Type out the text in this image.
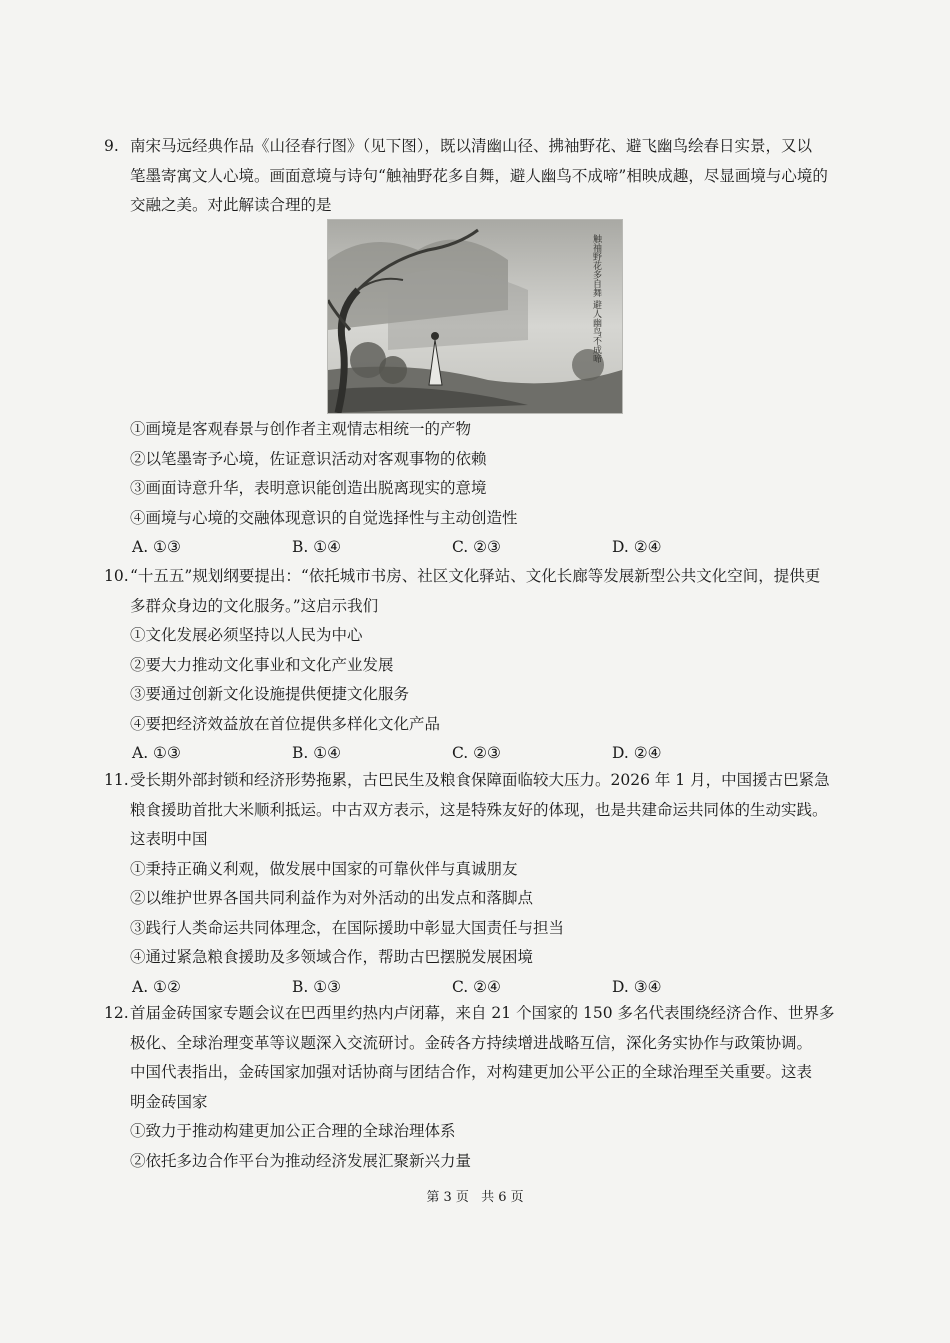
9. 南宋马远经典作品《山径春行图》（见下图），既以清幽山径、拂袖野花、避飞幽鸟绘春日实景，又以

笔墨寄寓文人心境。画面意境与诗句“触袖野花多自舞，避人幽鸟不成啼”相映成趣，尽显画境与心境的

交融之美。对此解读合理的是

触袖野花多自舞 避人幽鸟不成啼

①画境是客观春景与创作者主观情志相统一的产物

②以笔墨寄予心境，佐证意识活动对客观事物的依赖

③画面诗意升华，表明意识能创造出脱离现实的意境

④画境与心境的交融体现意识的自觉选择性与主动创造性

A. ①③	B. ①④	C. ②③	D. ②④

10.“十五五”规划纲要提出：“依托城市书房、社区文化驿站、文化长廊等发展新型公共文化空间，提供更

多群众身边的文化服务。”这启示我们

①文化发展必须坚持以人民为中心

②要大力推动文化事业和文化产业发展

③要通过创新文化设施提供便捷文化服务

④要把经济效益放在首位提供多样化文化产品

A. ①③	B. ①④	C. ②③	D. ②④

11.受长期外部封锁和经济形势拖累，古巴民生及粮食保障面临较大压力。2026 年 1 月，中国援古巴紧急

粮食援助首批大米顺利抵运。中古双方表示，这是特殊友好的体现，也是共建命运共同体的生动实践。

这表明中国

①秉持正确义利观，做发展中国家的可靠伙伴与真诚朋友

②以维护世界各国共同利益作为对外活动的出发点和落脚点

③践行人类命运共同体理念，在国际援助中彰显大国责任与担当

④通过紧急粮食援助及多领域合作，帮助古巴摆脱发展困境

A. ①②	B. ①③	C. ②④	D. ③④

12.首届金砖国家专题会议在巴西里约热内卢闭幕，来自 21 个国家的 150 多名代表围绕经济合作、世界多

极化、全球治理变革等议题深入交流研讨。金砖各方持续增进战略互信，深化务实协作与政策协调。

中国代表指出，金砖国家加强对话协商与团结合作，对构建更加公平公正的全球治理至关重要。这表

明金砖国家

①致力于推动构建更加公正合理的全球治理体系

②依托多边合作平台为推动经济发展汇聚新兴力量

第 3 页 共 6 页
